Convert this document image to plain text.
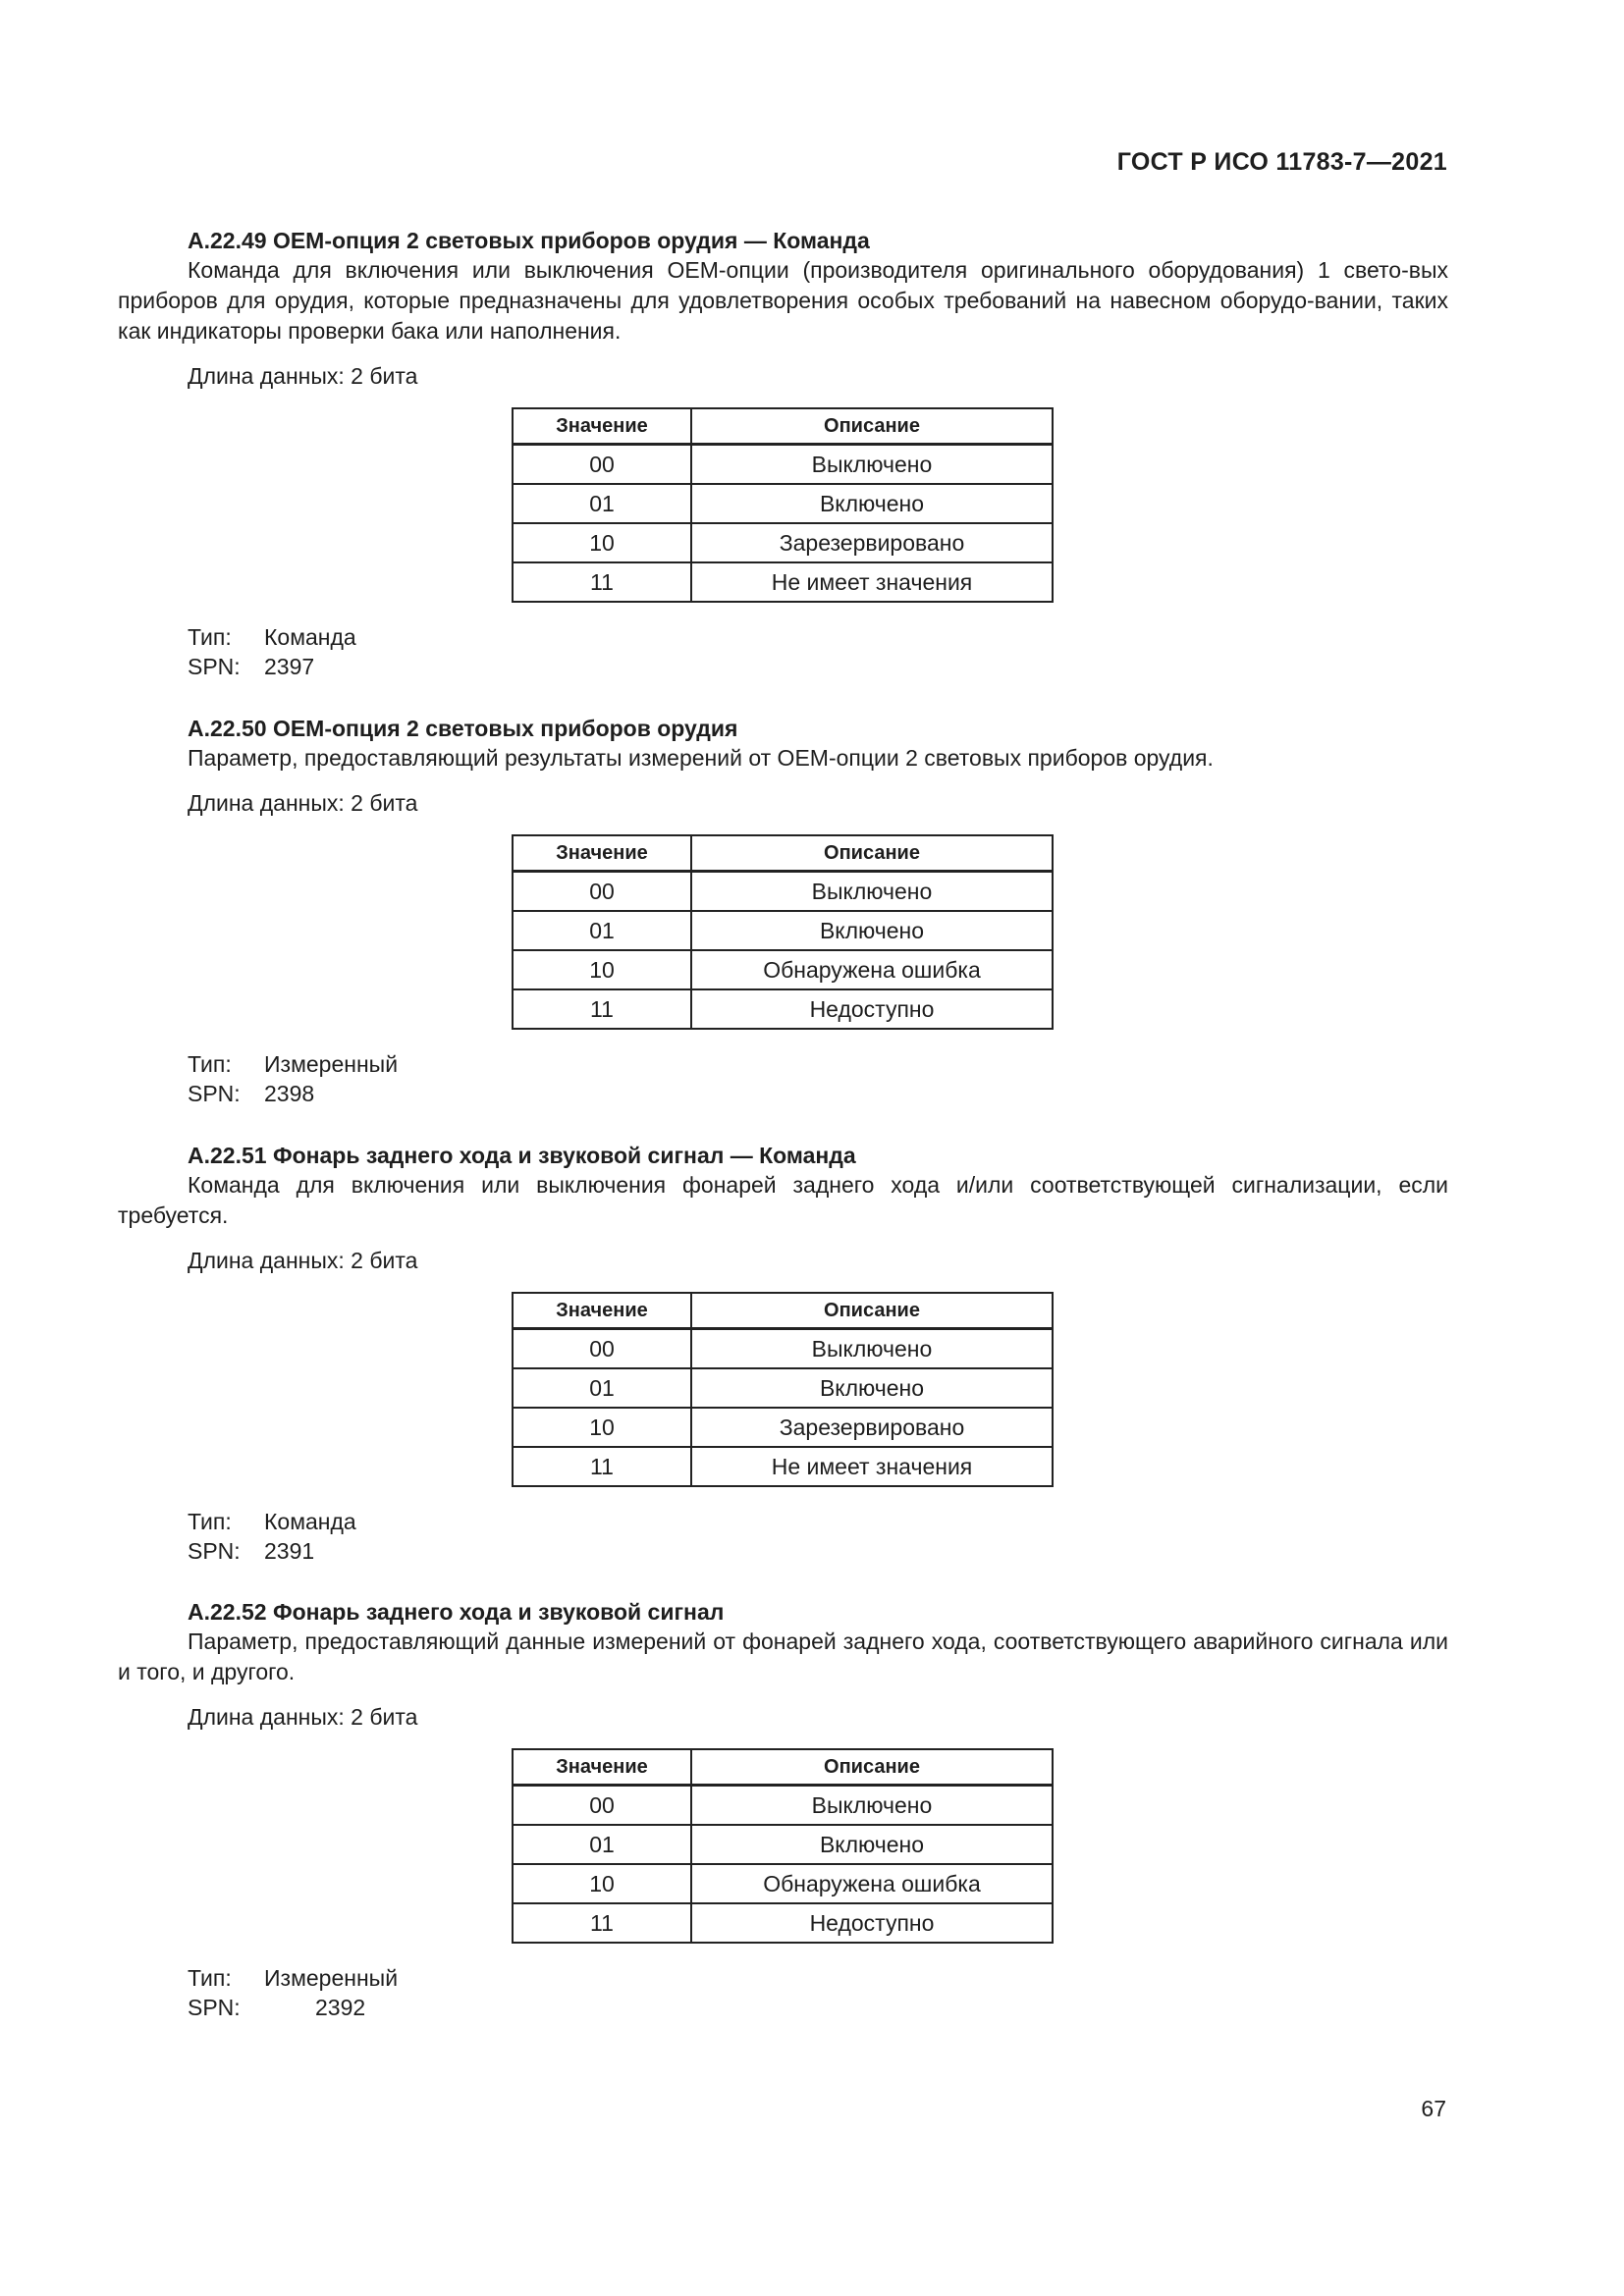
ГОСТ Р ИСО 11783-7—2021
А.22.49 ОЕМ-опция 2 световых приборов орудия — Команда
Команда для включения или выключения ОЕМ-опции (производителя оригинального оборудования) 1 свето-вых приборов для орудия, которые предназначены для удовлетворения особых требований на навесном оборудо-вании, таких как индикаторы проверки бака или наполнения.
Длина данных: 2 бита
Значение	Описание
00	Выключено
01	Включено
10	Зарезервировано
11	Не имеет значения
Тип: Команда
SPN: 2397
А.22.50 ОЕМ-опция 2 световых приборов орудия
Параметр, предоставляющий результаты измерений от ОЕМ-опции 2 световых приборов орудия.
Длина данных: 2 бита
Значение	Описание
00	Выключено
01	Включено
10	Обнаружена ошибка
11	Недоступно
Тип: Измеренный
SPN: 2398
А.22.51 Фонарь заднего хода и звуковой сигнал — Команда
Команда для включения или выключения фонарей заднего хода и/или соответствующей сигнализации, если требуется.
Длина данных: 2 бита
Значение	Описание
00	Выключено
01	Включено
10	Зарезервировано
11	Не имеет значения
Тип: Команда
SPN: 2391
А.22.52 Фонарь заднего хода и звуковой сигнал
Параметр, предоставляющий данные измерений от фонарей заднего хода, соответствующего аварийного сигнала или и того, и другого.
Длина данных: 2 бита
Значение	Описание
00	Выключено
01	Включено
10	Обнаружена ошибка
11	Недоступно
Тип: Измеренный
SPN:	2392
67
